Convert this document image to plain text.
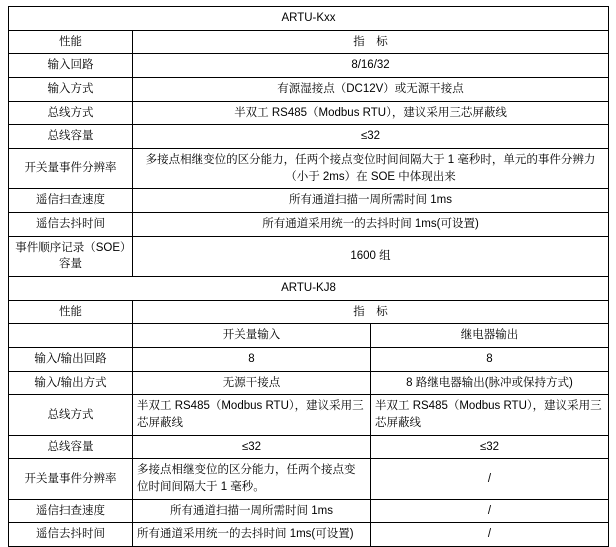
ARTU-Kxx		
性能	指　标	
输入回路	8/16/32	
输入方式	有源湿接点（DC12V）或无源干接点	
总线方式	半双工 RS485（Modbus RTU），建议采用三芯屏蔽线	
总线容量	≤32	
开关量事件分辨率	多接点相继变位的区分能力，任两个接点变位时间间隔大于 1 毫秒时，单元的事件分辨力（小于 2ms）在 SOE 中体现出来	
遥信扫查速度	所有通道扫描一周所需时间 1ms	
遥信去抖时间	所有通道采用统一的去抖时间 1ms(可设置)	
事件顺序记录（SOE）容量	1600 组	
ARTU-KJ8		
性能	指　标	
	开关量输入	继电器输出
输入/输出回路	8	8
输入/输出方式	无源干接点	8 路继电器输出(脉冲或保持方式)
总线方式	半双工 RS485（Modbus RTU），建议采用三芯屏蔽线	半双工 RS485（Modbus RTU），建议采用三芯屏蔽线
总线容量	≤32	≤32
开关量事件分辨率	多接点相继变位的区分能力，任两个接点变位时间间隔大于 1 毫秒。	/
遥信扫查速度	所有通道扫描一周所需时间 1ms	/
遥信去抖时间	所有通道采用统一的去抖时间 1ms(可设置)	/
